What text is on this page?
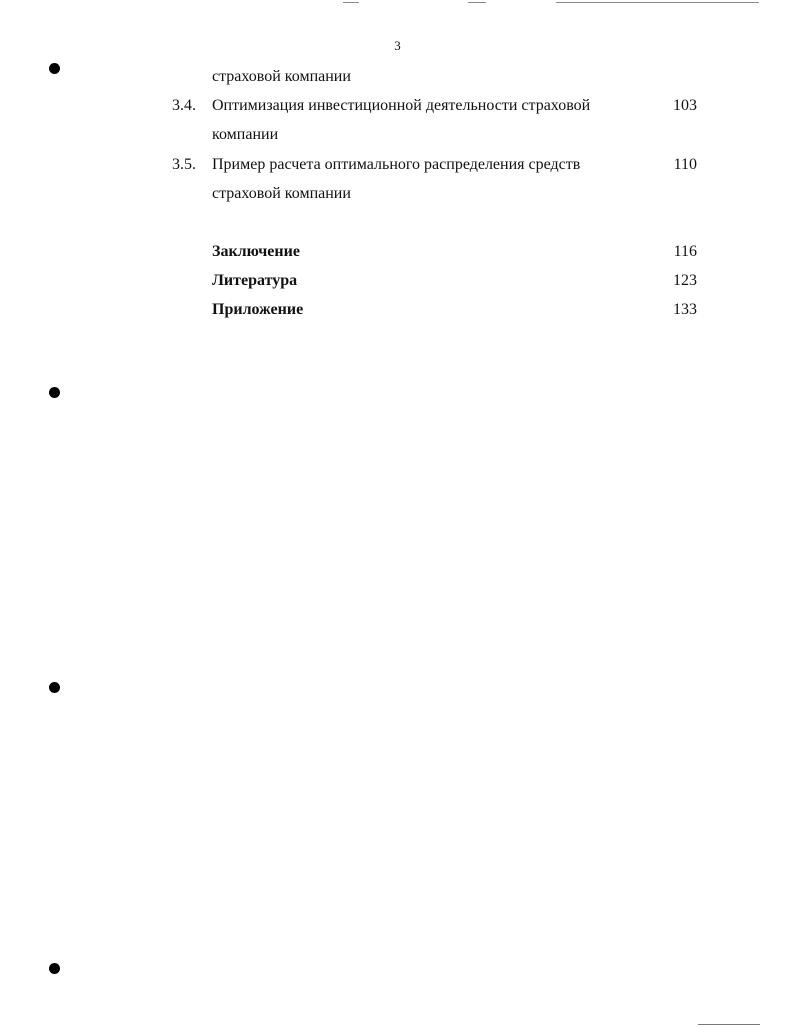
3
страховой компании
3.4. Оптимизация инвестиционной деятельности страховой	103
компании
3.5. Пример расчета оптимального распределения средств	110
страховой компании
Заключение	116
Литература	123
Приложение	133
